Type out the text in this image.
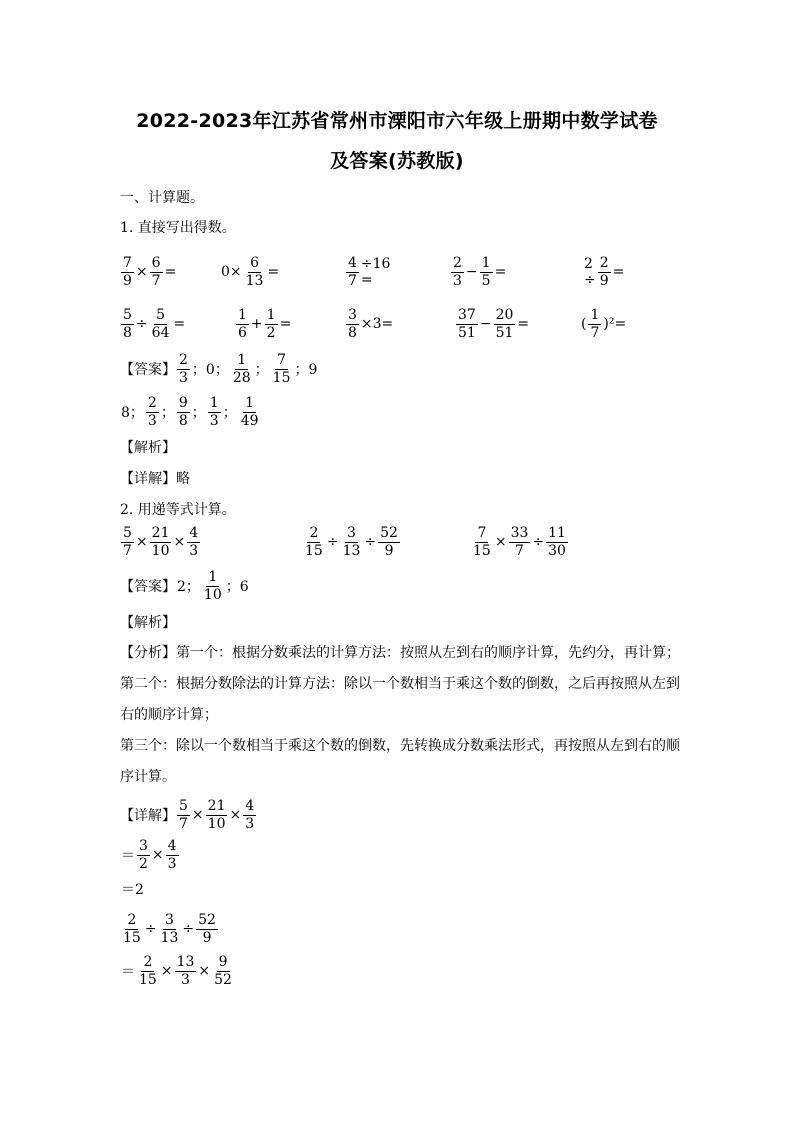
2022-2023年江苏省常州市溧阳市六年级上册期中数学试卷
及答案(苏教版)
一、计算题。
1. 直接写出得数。
$\frac{7}{9} \times \frac{6}{7}$ =	$0\times \frac{6}{13}$ =	$\frac{4}{7} \div 16$ =	$\frac{2}{3} - \frac{1}{5}$ =	$2 \div \frac{2}{9}$ =
$\frac{5}{8} \div \frac{5}{64}$ =	$\frac{1}{6} + \frac{1}{2}$ =	$\frac{3}{8} \times 3=$	$\frac{37}{51} - \frac{20}{51}$ =	( $\frac{1}{7} )^2=$
【答案】 $\frac{2}{3}$ ；0； $\frac{1}{28}$ ； $\frac{7}{15}$ ；9
8； $\frac{2}{3}$ ； $\frac{9}{8}$ ； $\frac{1}{3}$ ； $\frac{1}{49}$
【解析】
【详解】略
2. 用递等式计算。
$\frac{5}{7} \times \frac{21}{10} \times \frac{4}{3}$	$\frac{2}{15} \div \frac{3}{13} \div \frac{52}{9}$	$\frac{7}{15} \times \frac{33}{7} \div \frac{11}{30}$
【答案】 2； $\frac{1}{10}$ ；6
【解析】
【分析】第一个：根据分数乘法的计算方法：按照从左到右的顺序计算，先约分，再计算；第二个：根据分数除法的计算方法：除以一个数相当于乘这个数的倒数，之后再按照从左到右的顺序计算；
第三个：除以一个数相当于乘这个数的倒数，先转换成分数乘法形式，再按照从左到右的顺序计算。
【详解】 $\frac{5}{7} \times \frac{21}{10} \times \frac{4}{3}$
＝ $\frac{3}{2} \times \frac{4}{3}$
＝2
$\frac{2}{15} \div \frac{3}{13} \div \frac{52}{9}$
＝ $\frac{2}{15} \times \frac{13}{3} \times \frac{9}{52}$
